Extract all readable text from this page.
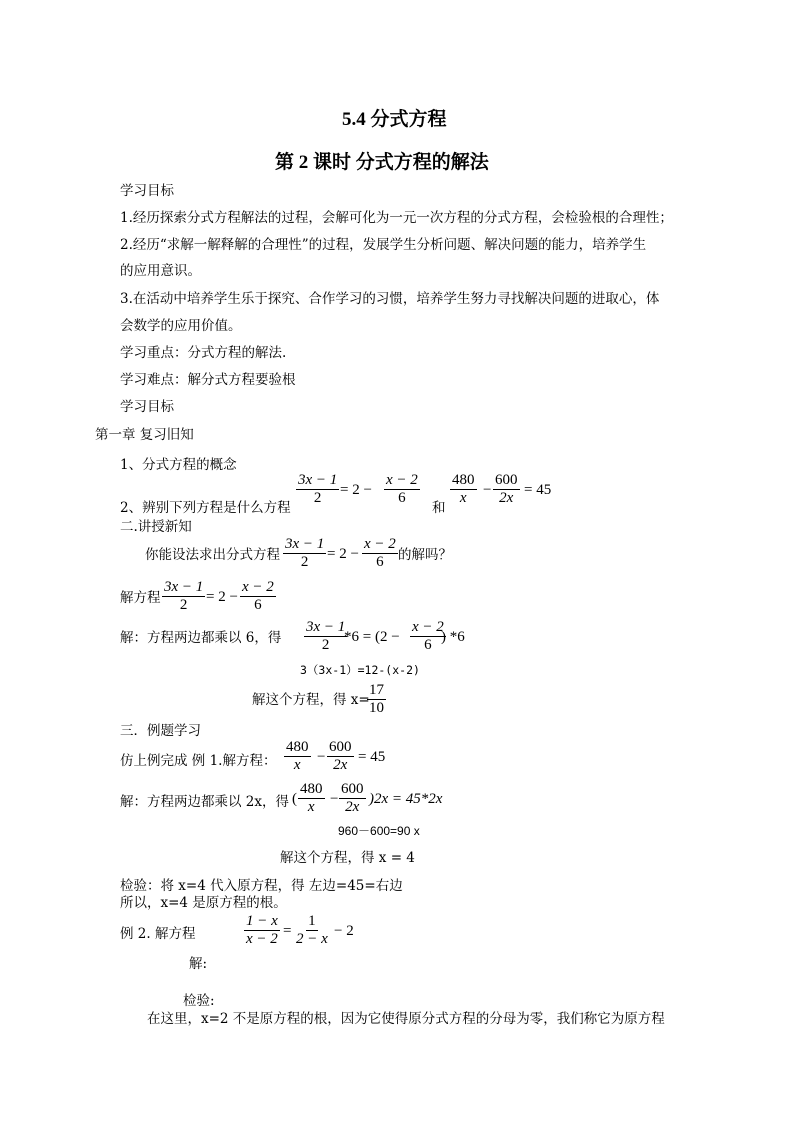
5.4 分式方程
第 2 课时 分式方程的解法
学习目标
1.经历探索分式方程解法的过程，会解可化为一元一次方程的分式方程，会检验根的合理性；
2.经历“求解一解释解的合理性”的过程，发展学生分析问题、解决问题的能力，培养学生
的应用意识。
3.在活动中培养学生乐于探究、合作学习的习惯，培养学生努力寻找解决问题的进取心，体
会数学的应用价值。
学习重点：分式方程的解法.
学习难点：解分式方程要验根
学习目标
第一章 复习旧知
1、分式方程的概念
$\frac{3x - 1}{2} = 2 - \frac{x - 2}{6}$
2、辨别下列方程是什么方程	和
$\frac{480}{x} - \frac{600}{2x} = 45$
二.讲授新知
你能设法求出分式方程 $\frac{3x - 1}{2} = 2 - \frac{x - 2}{6}$ 的解吗？
解方程 $\frac{3x - 1}{2} = 2 - \frac{x - 2}{6}$
解：方程两边都乘以 6，得 $\frac{3x - 1}{2}$
$*6 = (2 - \frac{x - 2}{6}$
) *6
3（3x-1）=12-(x-2)
解这个方程，得 x=
$\frac{17}{10}$
三．例题学习
仿上例完成 例 1.解方程： $\frac{480}{x} - \frac{600}{2x} = 45$
解：方程两边都乘以 2x，得 ( $\frac{480}{x} - \frac{600}{2x} )2x = 45*2x$
960－600=90 x
解这个方程，得 x = 4
检验：将 x=4 代入原方程，得 左边=45=右边
所以，x=4 是原方程的根。
例 2. 解方程	$\frac{1 - x}{x - 2} = \frac{1}{2 - x} - 2$
解:
检验:
在这里，x=2 不是原方程的根，因为它使得原分式方程的分母为零，我们称它为原方程
